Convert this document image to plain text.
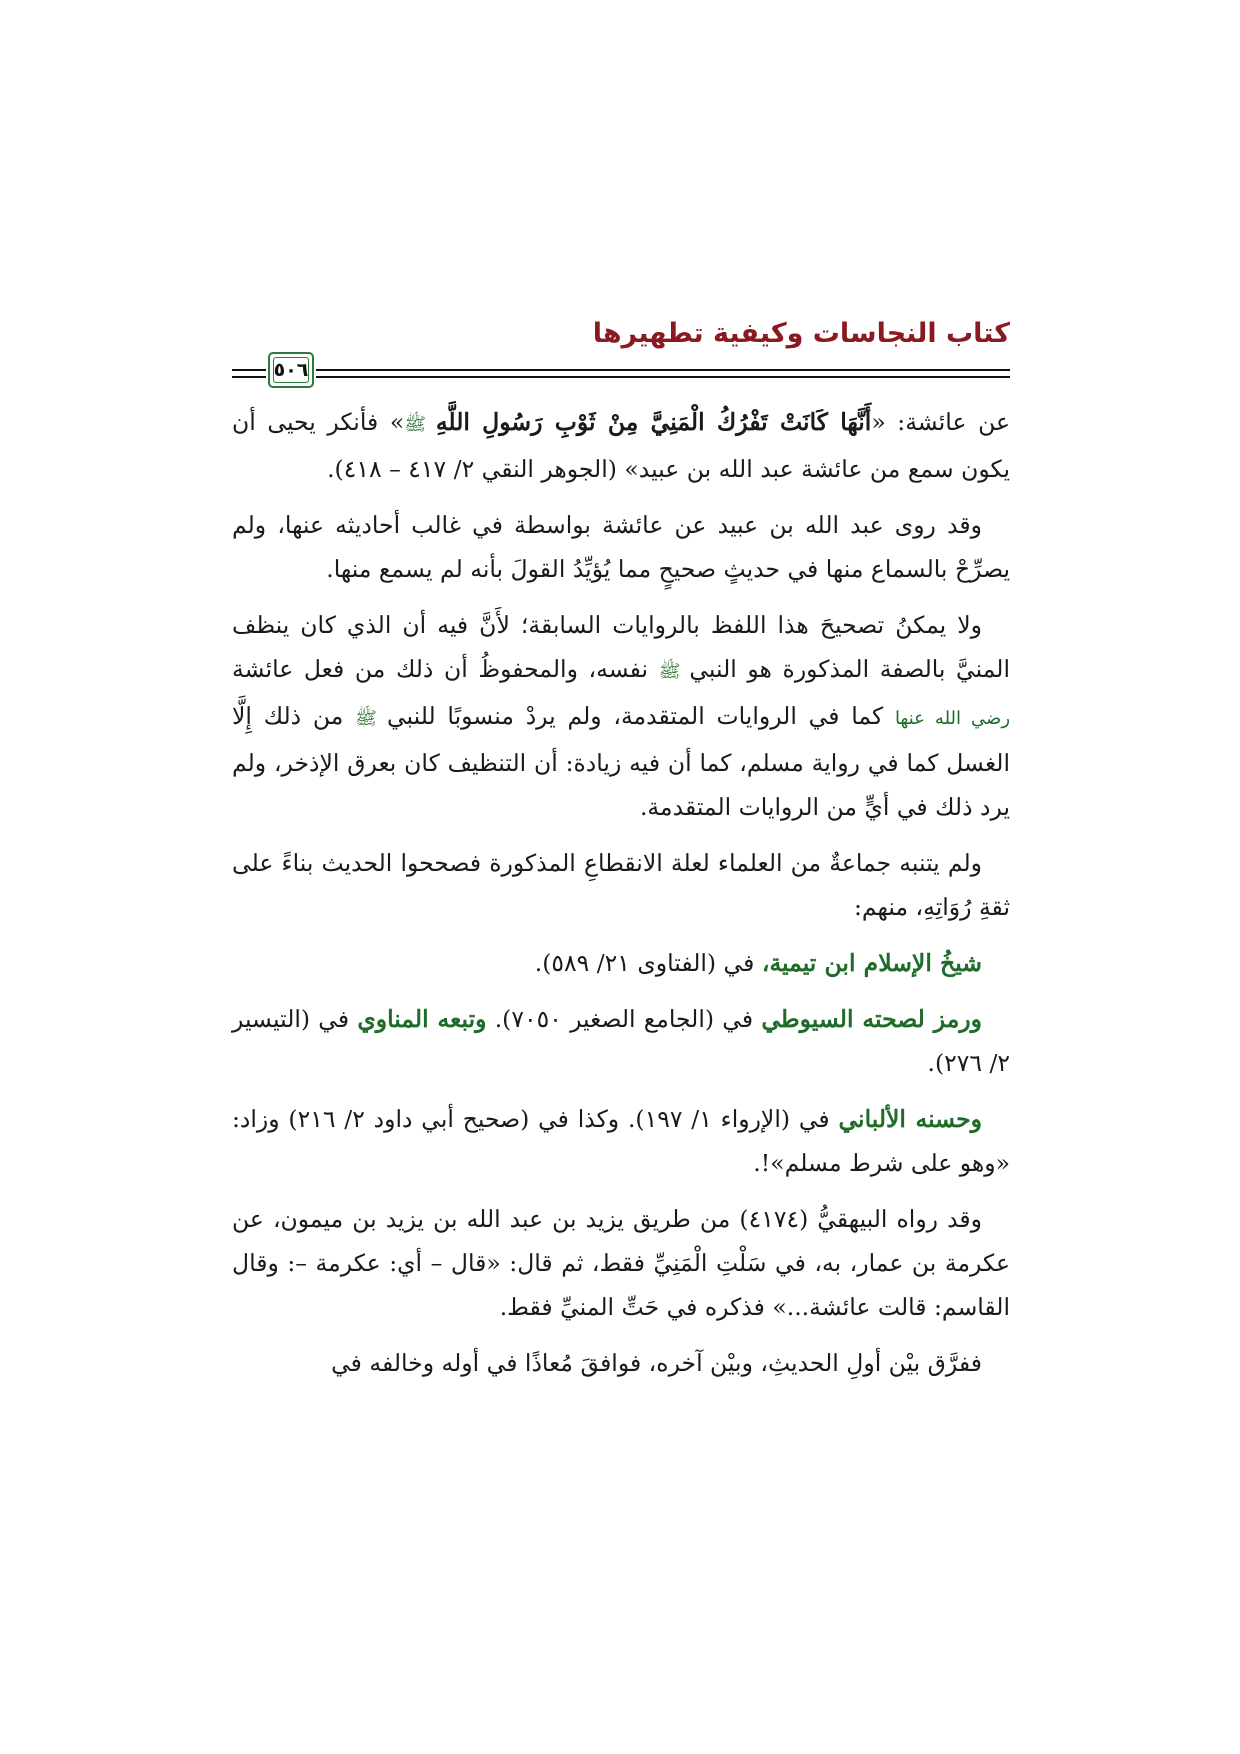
كتاب النجاسات وكيفية تطهيرها
٥٠٦

عن عائشة: «أَنَّهَا كَانَتْ تَفْرُكُ الْمَنِيَّ مِنْ ثَوْبِ رَسُولِ اللَّهِ ﷺ» فأنكر يحيى أن يكون سمع من عائشة عبد الله بن عبيد» (الجوهر النقي ٢/ ٤١٧ – ٤١٨).

وقد روى عبد الله بن عبيد عن عائشة بواسطة في غالب أحاديثه عنها، ولم يصرِّحْ بالسماع منها في حديثٍ صحيحٍ مما يُؤيِّدُ القولَ بأنه لم يسمع منها.

ولا يمكنُ تصحيحَ هذا اللفظ بالروايات السابقة؛ لأَنَّ فيه أن الذي كان ينظف المنيَّ بالصفة المذكورة هو النبي ﷺ نفسه، والمحفوظُ أن ذلك من فعل عائشة رضي الله عنها كما في الروايات المتقدمة، ولم يردْ منسوبًا للنبي ﷺ من ذلك إِلَّا الغسل كما في رواية مسلم، كما أن فيه زيادة: أن التنظيف كان بعرق الإذخر، ولم يرد ذلك في أيٍّ من الروايات المتقدمة.

ولم يتنبه جماعةٌ من العلماء لعلة الانقطاعِ المذكورة فصححوا الحديث بناءً على ثقةِ رُوَاتِهِ، منهم:

شيخُ الإسلام ابن تيمية، في (الفتاوى ٢١/ ٥٨٩).

ورمز لصحته السيوطي في (الجامع الصغير ٧٠٥٠). وتبعه المناوي في (التيسير ٢/ ٢٧٦).

وحسنه الألباني في (الإرواء ١/ ١٩٧). وكذا في (صحيح أبي داود ٢/ ٢١٦) وزاد: «وهو على شرط مسلم»!.

وقد رواه البيهقيُّ (٤١٧٤) من طريق يزيد بن عبد الله بن يزيد بن ميمون، عن عكرمة بن عمار، به، في سَلْتِ الْمَنِيِّ فقط، ثم قال: «قال – أي: عكرمة –: وقال القاسم: قالت عائشة...» فذكره في حَتِّ المنيِّ فقط.

ففرَّق بيْن أولِ الحديثِ، وبيْن آخره، فوافقَ مُعاذًا في أوله وخالفه في
